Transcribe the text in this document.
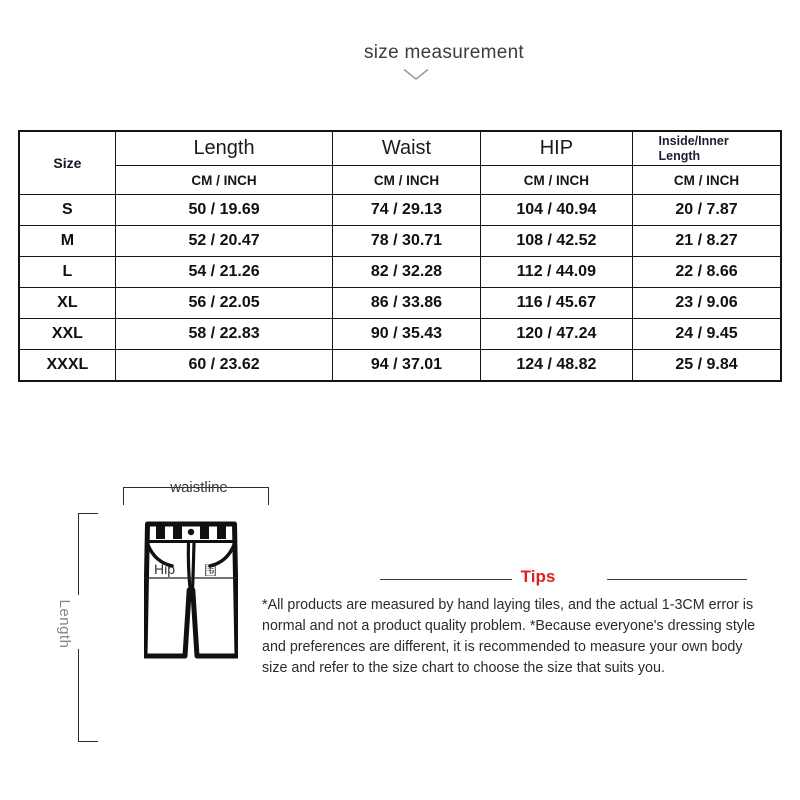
size measurement
Size	Length	Waist	HIP	Inside/Inner Length
	CM / INCH	CM / INCH	CM / INCH	CM / INCH
S	50 / 19.69	74 / 29.13	104 / 40.94	20 / 7.87
M	52 / 20.47	78 / 30.71	108 / 42.52	21 / 8.27
L	54 / 21.26	82 / 32.28	112 / 44.09	22 / 8.66
XL	56 / 22.05	86 / 33.86	116 / 45.67	23 / 9.06
XXL	58 / 22.83	90 / 35.43	120 / 47.24	24 / 9.45
XXXL	60 / 23.62	94 / 37.01	124 / 48.82	25 / 9.84
waistline
Length
Hip 围	Tips
*All products are measured by hand laying tiles, and the actual 1-3CM error is normal and not a product quality problem. *Because everyone's dressing style and preferences are different, it is recommended to measure your own body size and refer to the size chart to choose the size that suits you.
